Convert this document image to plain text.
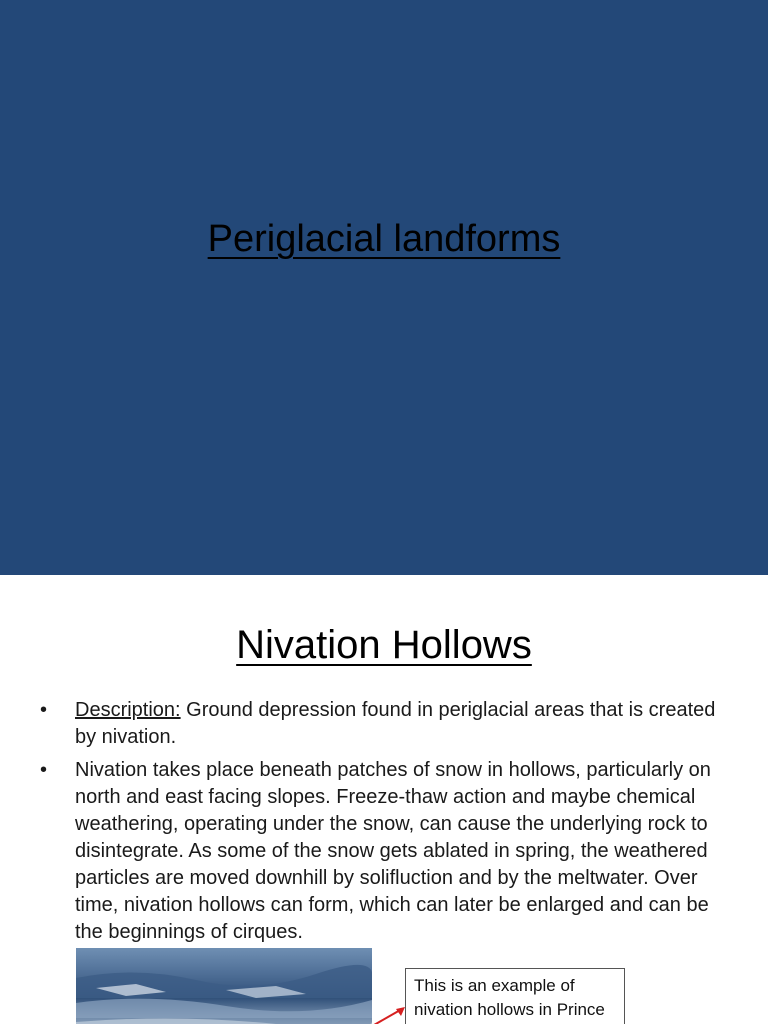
Periglacial landforms
Nivation Hollows
• Description: Ground depression found in periglacial areas that is created by nivation.
• Nivation takes place beneath patches of snow in hollows, particularly on north and east facing slopes. Freeze-thaw action and maybe chemical weathering, operating under the snow, can cause the underlying rock to disintegrate. As some of the snow gets ablated in spring, the weathered particles are moved downhill by solifluction and by the meltwater. Over time, nivation hollows can form, which can later be enlarged and can be the beginnings of cirques.
This is an example of nivation hollows in Prince
